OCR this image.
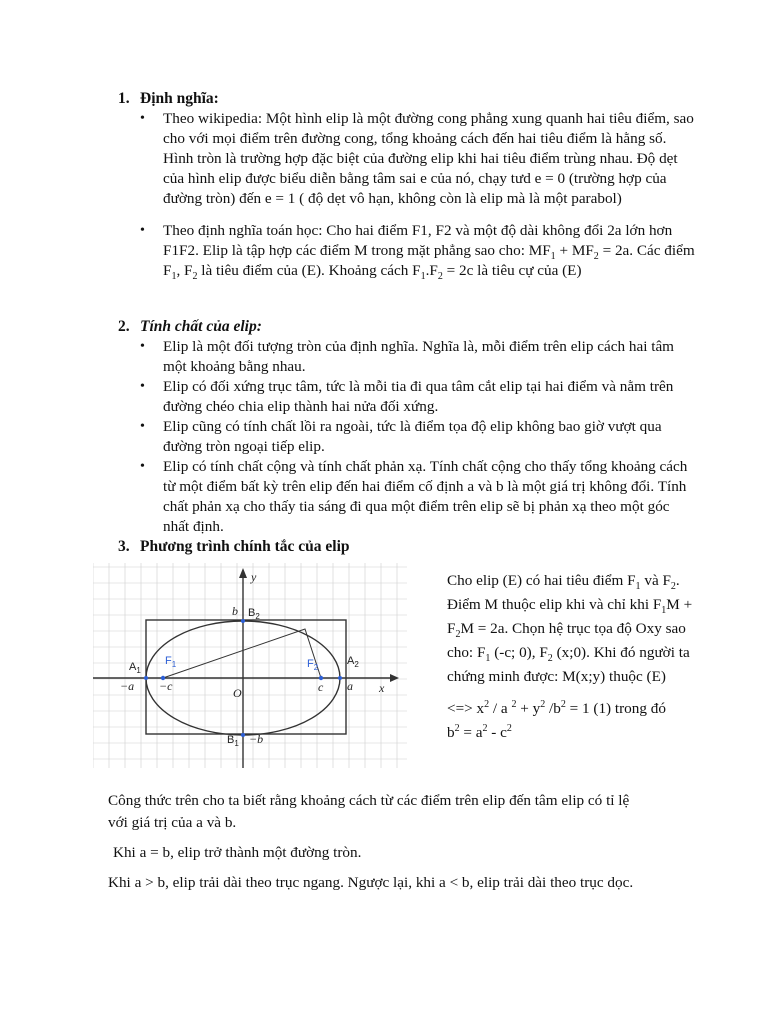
1. Định nghĩa:

• Theo wikipedia: Một hình elip là một đường cong phẳng xung quanh hai tiêu điểm, sao cho với mọi điểm trên đường cong, tổng khoảng cách đến hai tiêu điểm là hằng số. Hình tròn là trường hợp đặc biệt của đường elip khi hai tiêu điểm trùng nhau. Độ dẹt của hình elip được biểu diễn bằng tâm sai e của nó, chạy tưd e = 0 (trường hợp của đường tròn) đến e = 1 ( độ dẹt vô hạn, không còn là elip mà là một parabol)
• Theo định nghĩa toán học: Cho hai điểm F1, F2 và một độ dài không đổi 2a lớn hơn F1F2. Elip là tập hợp các điểm M trong mặt phẳng sao cho: $MF_1 + MF_2 = 2a$. Các điểm $F_1$, $F_2$ là tiêu điểm của (E). Khoảng cách $F_1.F_2 = 2c$ là tiêu cự của (E)

2. Tính chất của elip:

• Elip là một đối tượng tròn của định nghĩa. Nghĩa là, mỗi điểm trên elip cách hai tâm một khoảng bằng nhau.
• Elip có đối xứng trục tâm, tức là mỗi tia đi qua tâm cắt elip tại hai điểm và nằm trên đường chéo chia elip thành hai nửa đối xứng.
• Elip cũng có tính chất lồi ra ngoài, tức là điểm tọa độ elip không bao giờ vượt qua đường tròn ngoại tiếp elip.
• Elip có tính chất cộng và tính chất phản xạ. Tính chất cộng cho thấy tổng khoảng cách từ một điểm bất kỳ trên elip đến hai điểm cố định a và b là một giá trị không đổi. Tính chất phản xạ cho thấy tia sáng đi qua một điểm trên elip sẽ bị phản xạ theo một góc nhất định.

3. Phương trình chính tắc của elip

y
x
b $B_2$
$A_1$
$F_1$	$F_2$
$A_2$
−a −c	c a
O
$B_1 -b$
Cho elip (E) có hai tiêu điểm $F_1$ và $F_2$.
Điểm M thuộc elip khi và chỉ khi $F_1M$ +
$F_2M = 2a$. Chọn hệ trục tọa độ Oxy sao
cho: $F_1$ (-c; 0), $F_2$ (x;0). Khi đó người ta
chứng minh được: M(x;y) thuộc (E)
<=> $x^2$ / a $^2 + y^2$ $/b^2 = 1$ (1) trong đó
$b^2 = a^2 - c^2$

Công thức trên cho ta biết rằng khoảng cách từ các điểm trên elip đến tâm elip có tỉ lệ với giá trị của a và b.

Khi a = b, elip trở thành một đường tròn.

Khi a > b, elip trải dài theo trục ngang. Ngược lại, khi a < b, elip trải dài theo trục dọc.
